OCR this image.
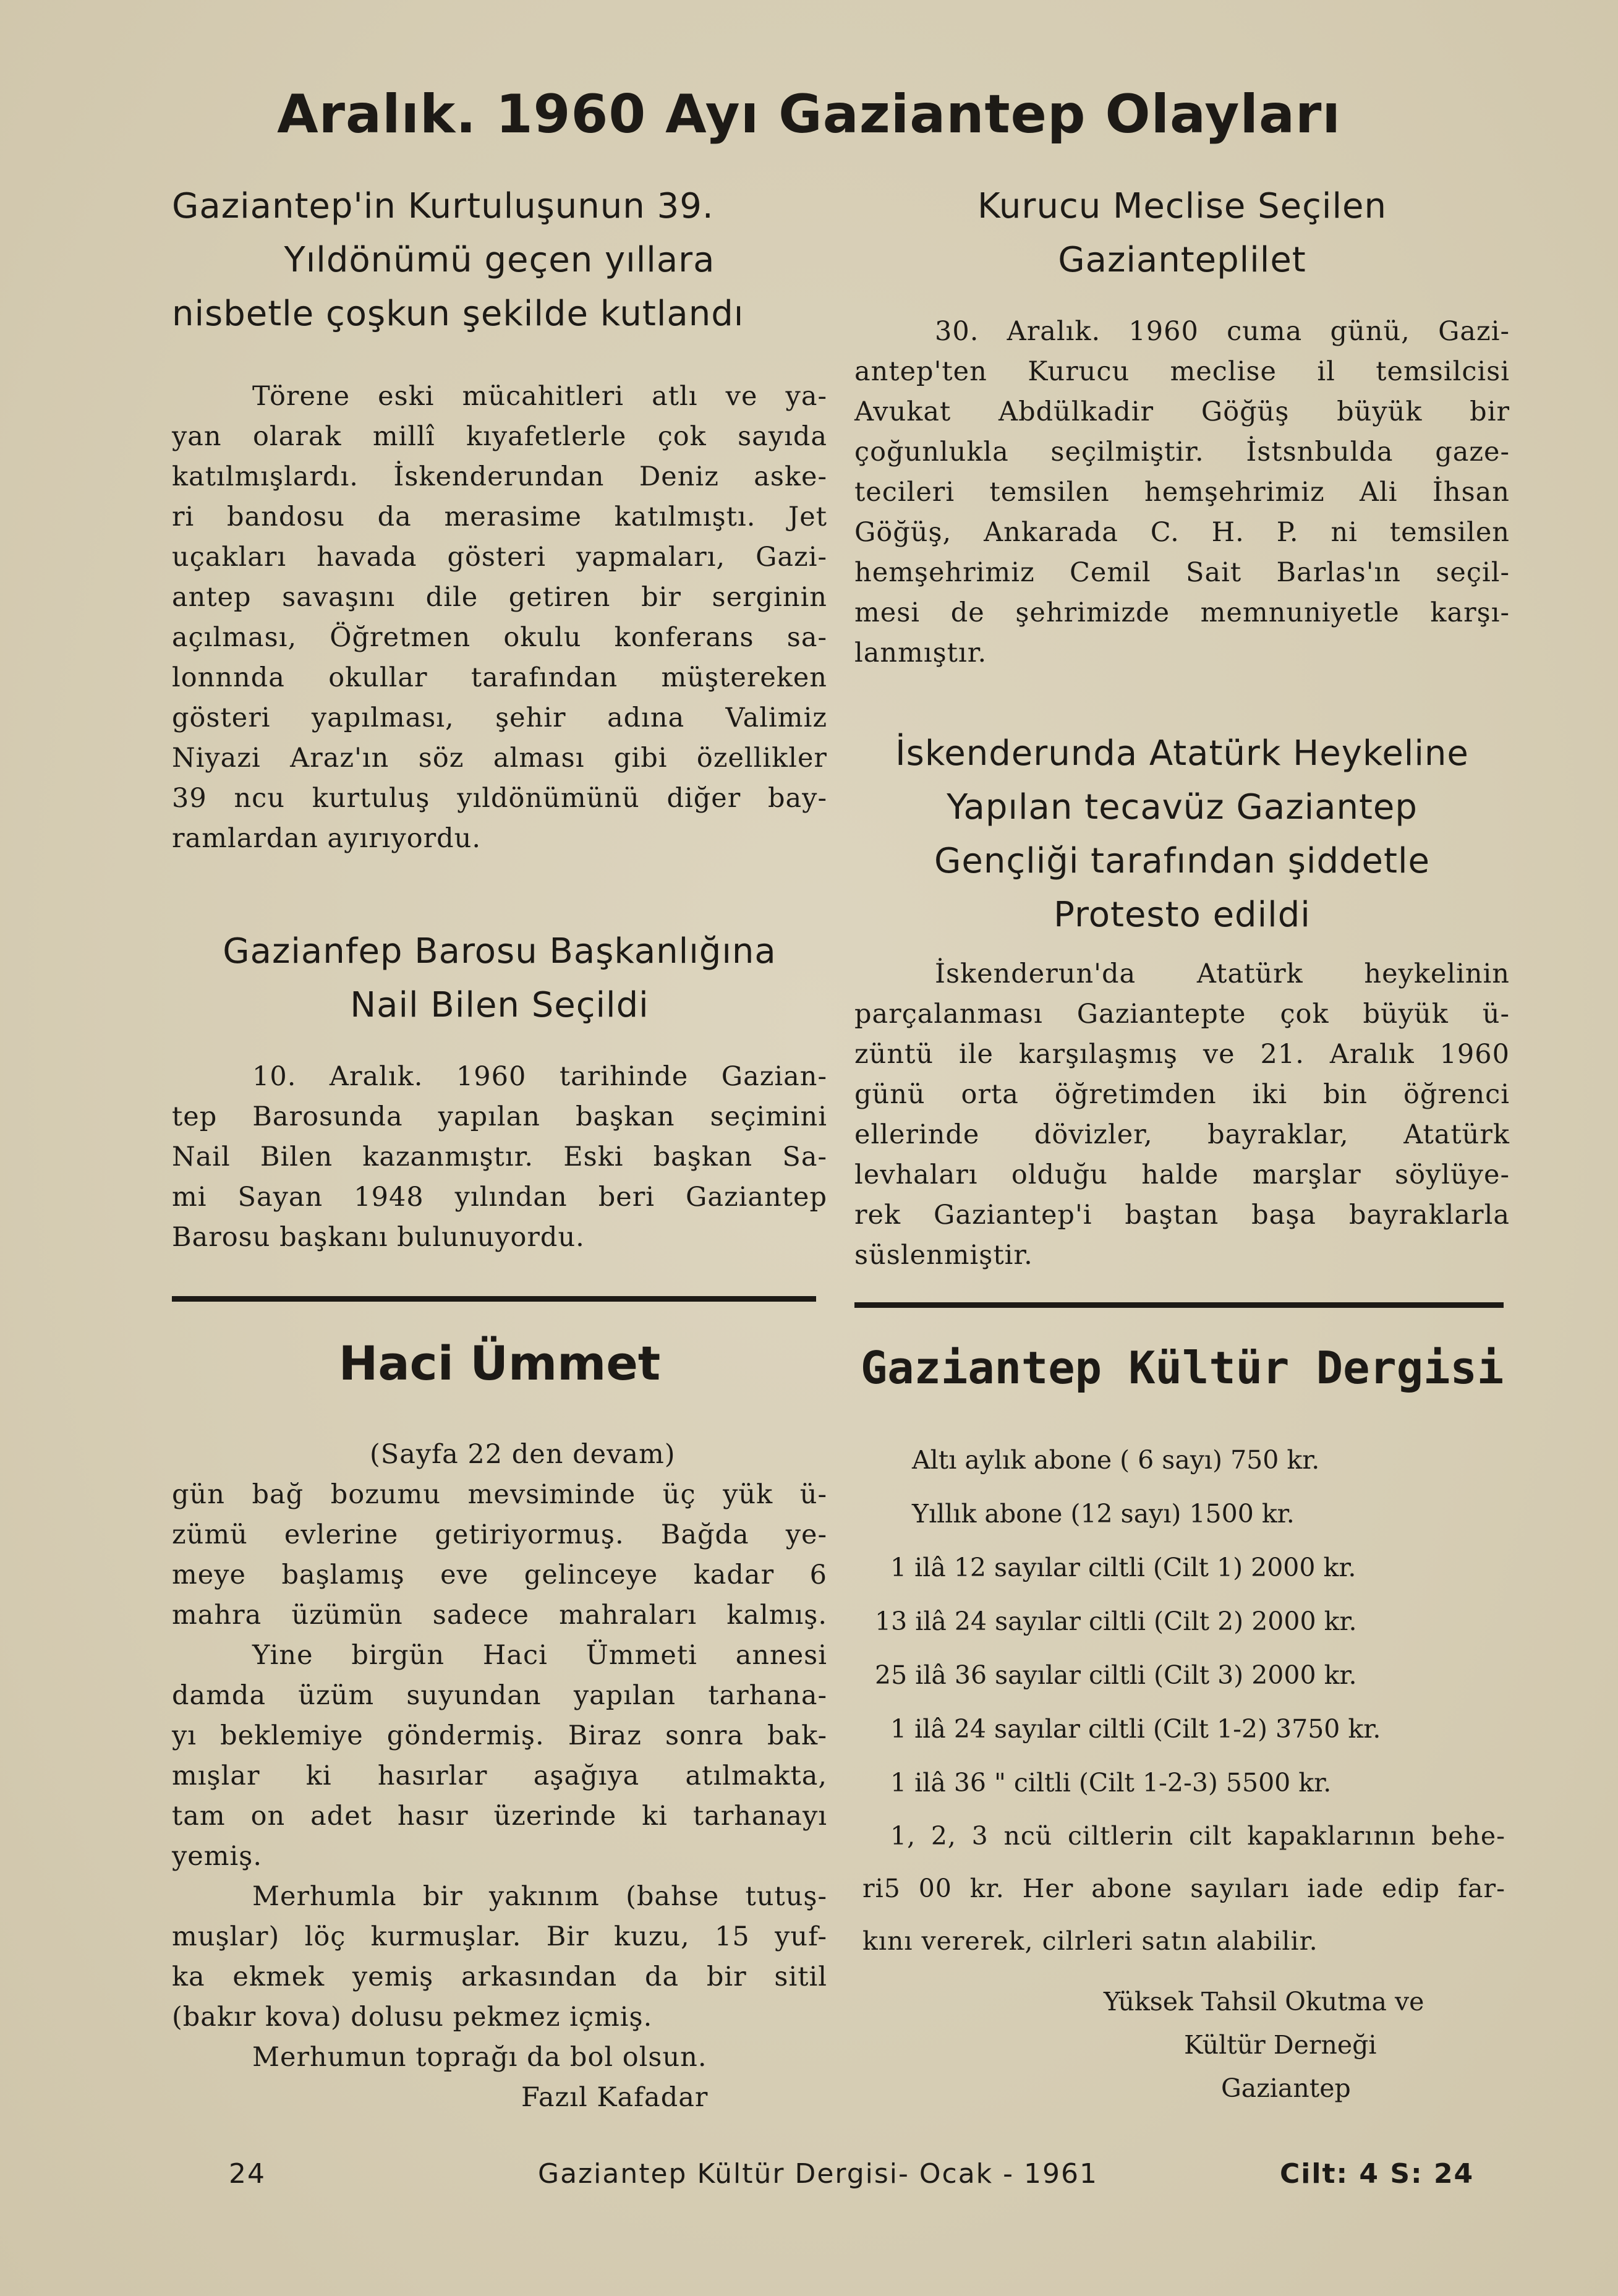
Aralık. 1960 Ayı Gaziantep Olayları
Gaziantep'in Kurtuluşunun 39.
Yıldönümü geçen yıllara
nisbetle çoşkun şekilde kutlandı
Törene eski mücahitleri atlı ve ya-
yan olarak millî kıyafetlerle çok sayıda
katılmışlardı. İskenderundan Deniz aske-
ri bandosu da merasime katılmıştı. Jet
uçakları havada gösteri yapmaları, Gazi-
antep savaşını dile getiren bir serginin
açılması, Öğretmen okulu konferans sa-
lonnnda okullar tarafından müştereken
gösteri yapılması, şehir adına Valimiz
Niyazi Araz'ın söz alması gibi özellikler
39 ncu kurtuluş yıldönümünü diğer bay-
ramlardan ayırıyordu.
Gazianfep Barosu Başkanlığına
Nail Bilen Seçildi
10. Aralık. 1960 tarihinde Gazian-
tep Barosunda yapılan başkan seçimini
Nail Bilen kazanmıştır. Eski başkan Sa-
mi Sayan 1948 yılından beri Gaziantep
Barosu başkanı bulunuyordu.
Kurucu Meclise Seçilen
Gazianteplilet
30. Aralık. 1960 cuma günü, Gazi-
antep'ten Kurucu meclise il temsilcisi
Avukat Abdülkadir Göğüş büyük bir
çoğunlukla seçilmiştir. İstsnbulda gaze-
tecileri temsilen hemşehrimiz Ali İhsan
Göğüş, Ankarada C. H. P. ni temsilen
hemşehrimiz Cemil Sait Barlas'ın seçil-
mesi de şehrimizde memnuniyetle karşı-
lanmıştır.
İskenderunda Atatürk Heykeline
Yapılan tecavüz Gaziantep
Gençliği tarafından şiddetle
Protesto edildi
İskenderun'da Atatürk heykelinin
parçalanması Gaziantepte çok büyük ü-
züntü ile karşılaşmış ve 21. Aralık 1960
günü orta öğretimden iki bin öğrenci
ellerinde dövizler, bayraklar, Atatürk
levhaları olduğu halde marşlar söylüye-
rek Gaziantep'i baştan başa bayraklarla
süslenmiştir.
Haci Ümmet
(Sayfa 22 den devam)
gün bağ bozumu mevsiminde üç yük ü-
zümü evlerine getiriyormuş. Bağda ye-
meye başlamış eve gelinceye kadar 6
mahra üzümün sadece mahraları kalmış.
Yine birgün Haci Ümmeti annesi
damda üzüm suyundan yapılan tarhana-
yı beklemiye göndermiş. Biraz sonra bak-
mışlar ki hasırlar aşağıya atılmakta,
tam on adet hasır üzerinde ki tarhanayı
yemiş.
Merhumla bir yakınım (bahse tutuş-
muşlar) löç kurmuşlar. Bir kuzu, 15 yuf-
ka ekmek yemiş arkasından da bir sitil
(bakır kova) dolusu pekmez içmiş.
Merhumun toprağı da bol olsun.
Fazıl Kafadar
Gaziantep Kültür Dergisi
Altı aylık abone ( 6 sayı) 750 kr.
Yıllık abone (12 sayı) 1500 kr.
1 ilâ 12 sayılar ciltli (Cilt 1) 2000 kr.
13 ilâ 24 sayılar ciltli (Cilt 2) 2000 kr.
25 ilâ 36 sayılar ciltli (Cilt 3) 2000 kr.
1 ilâ 24 sayılar ciltli (Cilt 1-2) 3750 kr.
1 ilâ 36 " ciltli (Cilt 1-2-3) 5500 kr.
1, 2, 3 ncü ciltlerin cilt kapaklarının behe-
ri5 00 kr. Her abone sayıları iade edip far-
kını vererek, cilrleri satın alabilir.
Yüksek Tahsil Okutma ve
Kültür Derneği
Gaziantep
24	Gaziantep Kültür Dergisi- Ocak - 1961	Cilt: 4 S: 24
